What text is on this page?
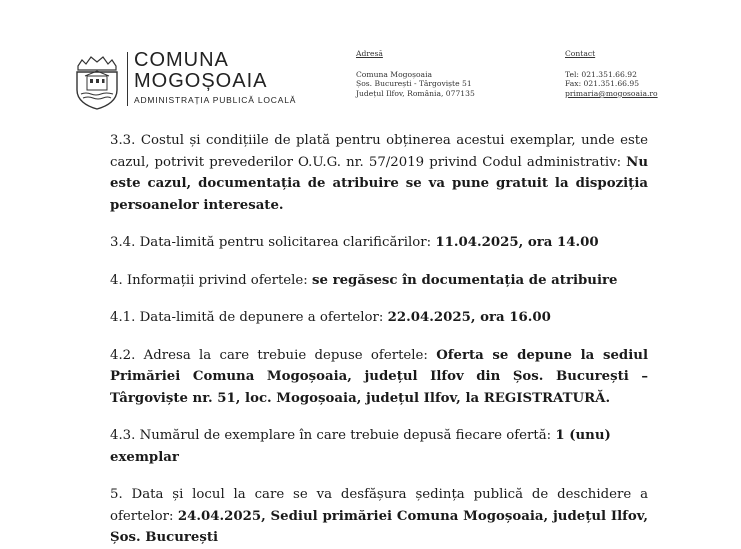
COMUNA
MOGOȘOAIA
ADMINISTRAȚIA PUBLICĂ LOCALĂ
Adresă
Comuna Mogoșoaia
Șos. București - Târgoviște 51
Județul Ilfov, România, 077135
Contact
Tel: 021.351.66.92
Fax: 021.351.66.95
primaria@mogosoaia.ro

3.3. Costul și condițiile de plată pentru obținerea acestui exemplar, unde este cazul, potrivit prevederilor O.U.G. nr. 57/2019 privind Codul administrativ: Nu este cazul, documentația de atribuire se va pune gratuit la dispoziția persoanelor interesate.

3.4. Data-limită pentru solicitarea clarificărilor: 11.04.2025, ora 14.00

4. Informații privind ofertele: se regăsesc în documentația de atribuire

4.1. Data-limită de depunere a ofertelor: 22.04.2025, ora 16.00

4.2. Adresa la care trebuie depuse ofertele: Oferta se depune la sediul Primăriei Comuna Mogoșoaia, județul Ilfov din Șos. București – Târgoviște nr. 51, loc. Mogoșoaia, județul Ilfov, la REGISTRATURĂ.

4.3. Numărul de exemplare în care trebuie depusă fiecare ofertă: 1 (unu) exemplar

5. Data și locul la care se va desfășura ședința publică de deschidere a ofertelor: 24.04.2025, Sediul primăriei Comuna Mogoșoaia, județul Ilfov, Șos. București
